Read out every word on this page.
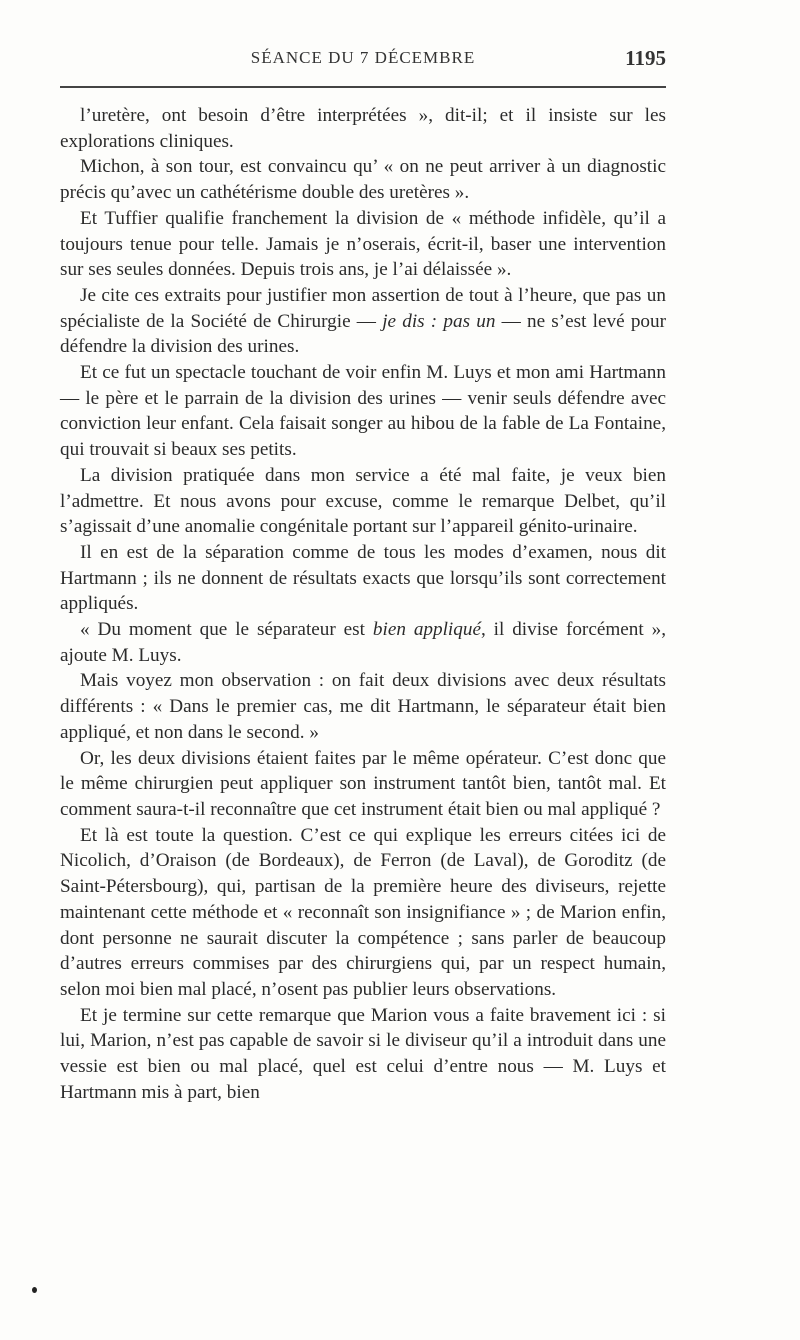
SÉANCE DU 7 DÉCEMBRE	1195

l’uretère, ont besoin d’être interprétées », dit-il; et il insiste sur les explorations cliniques.

Michon, à son tour, est convaincu qu’ « on ne peut arriver à un diagnostic précis qu’avec un cathétérisme double des uretères ».

Et Tuffier qualifie franchement la division de « méthode infidèle, qu’il a toujours tenue pour telle. Jamais je n’oserais, écrit-il, baser une intervention sur ses seules données. Depuis trois ans, je l’ai délaissée ».

Je cite ces extraits pour justifier mon assertion de tout à l’heure, que pas un spécialiste de la Société de Chirurgie — je dis : pas un — ne s’est levé pour défendre la division des urines.

Et ce fut un spectacle touchant de voir enfin M. Luys et mon ami Hartmann — le père et le parrain de la division des urines — venir seuls défendre avec conviction leur enfant. Cela faisait songer au hibou de la fable de La Fontaine, qui trouvait si beaux ses petits.

La division pratiquée dans mon service a été mal faite, je veux bien l’admettre. Et nous avons pour excuse, comme le remarque Delbet, qu’il s’agissait d’une anomalie congénitale portant sur l’appareil génito-urinaire.

Il en est de la séparation comme de tous les modes d’examen, nous dit Hartmann ; ils ne donnent de résultats exacts que lorsqu’ils sont correctement appliqués.

« Du moment que le séparateur est bien appliqué, il divise forcément », ajoute M. Luys.

Mais voyez mon observation : on fait deux divisions avec deux résultats différents : « Dans le premier cas, me dit Hartmann, le séparateur était bien appliqué, et non dans le second. »

Or, les deux divisions étaient faites par le même opérateur. C’est donc que le même chirurgien peut appliquer son instrument tantôt bien, tantôt mal. Et comment saura-t-il reconnaître que cet instrument était bien ou mal appliqué ?

Et là est toute la question. C’est ce qui explique les erreurs citées ici de Nicolich, d’Oraison (de Bordeaux), de Ferron (de Laval), de Goroditz (de Saint-Pétersbourg), qui, partisan de la première heure des diviseurs, rejette maintenant cette méthode et « reconnaît son insignifiance » ; de Marion enfin, dont personne ne saurait discuter la compétence ; sans parler de beaucoup d’autres erreurs commises par des chirurgiens qui, par un respect humain, selon moi bien mal placé, n’osent pas publier leurs observations.

Et je termine sur cette remarque que Marion vous a faite bravement ici : si lui, Marion, n’est pas capable de savoir si le diviseur qu’il a introduit dans une vessie est bien ou mal placé, quel est celui d’entre nous — M. Luys et Hartmann mis à part, bien
